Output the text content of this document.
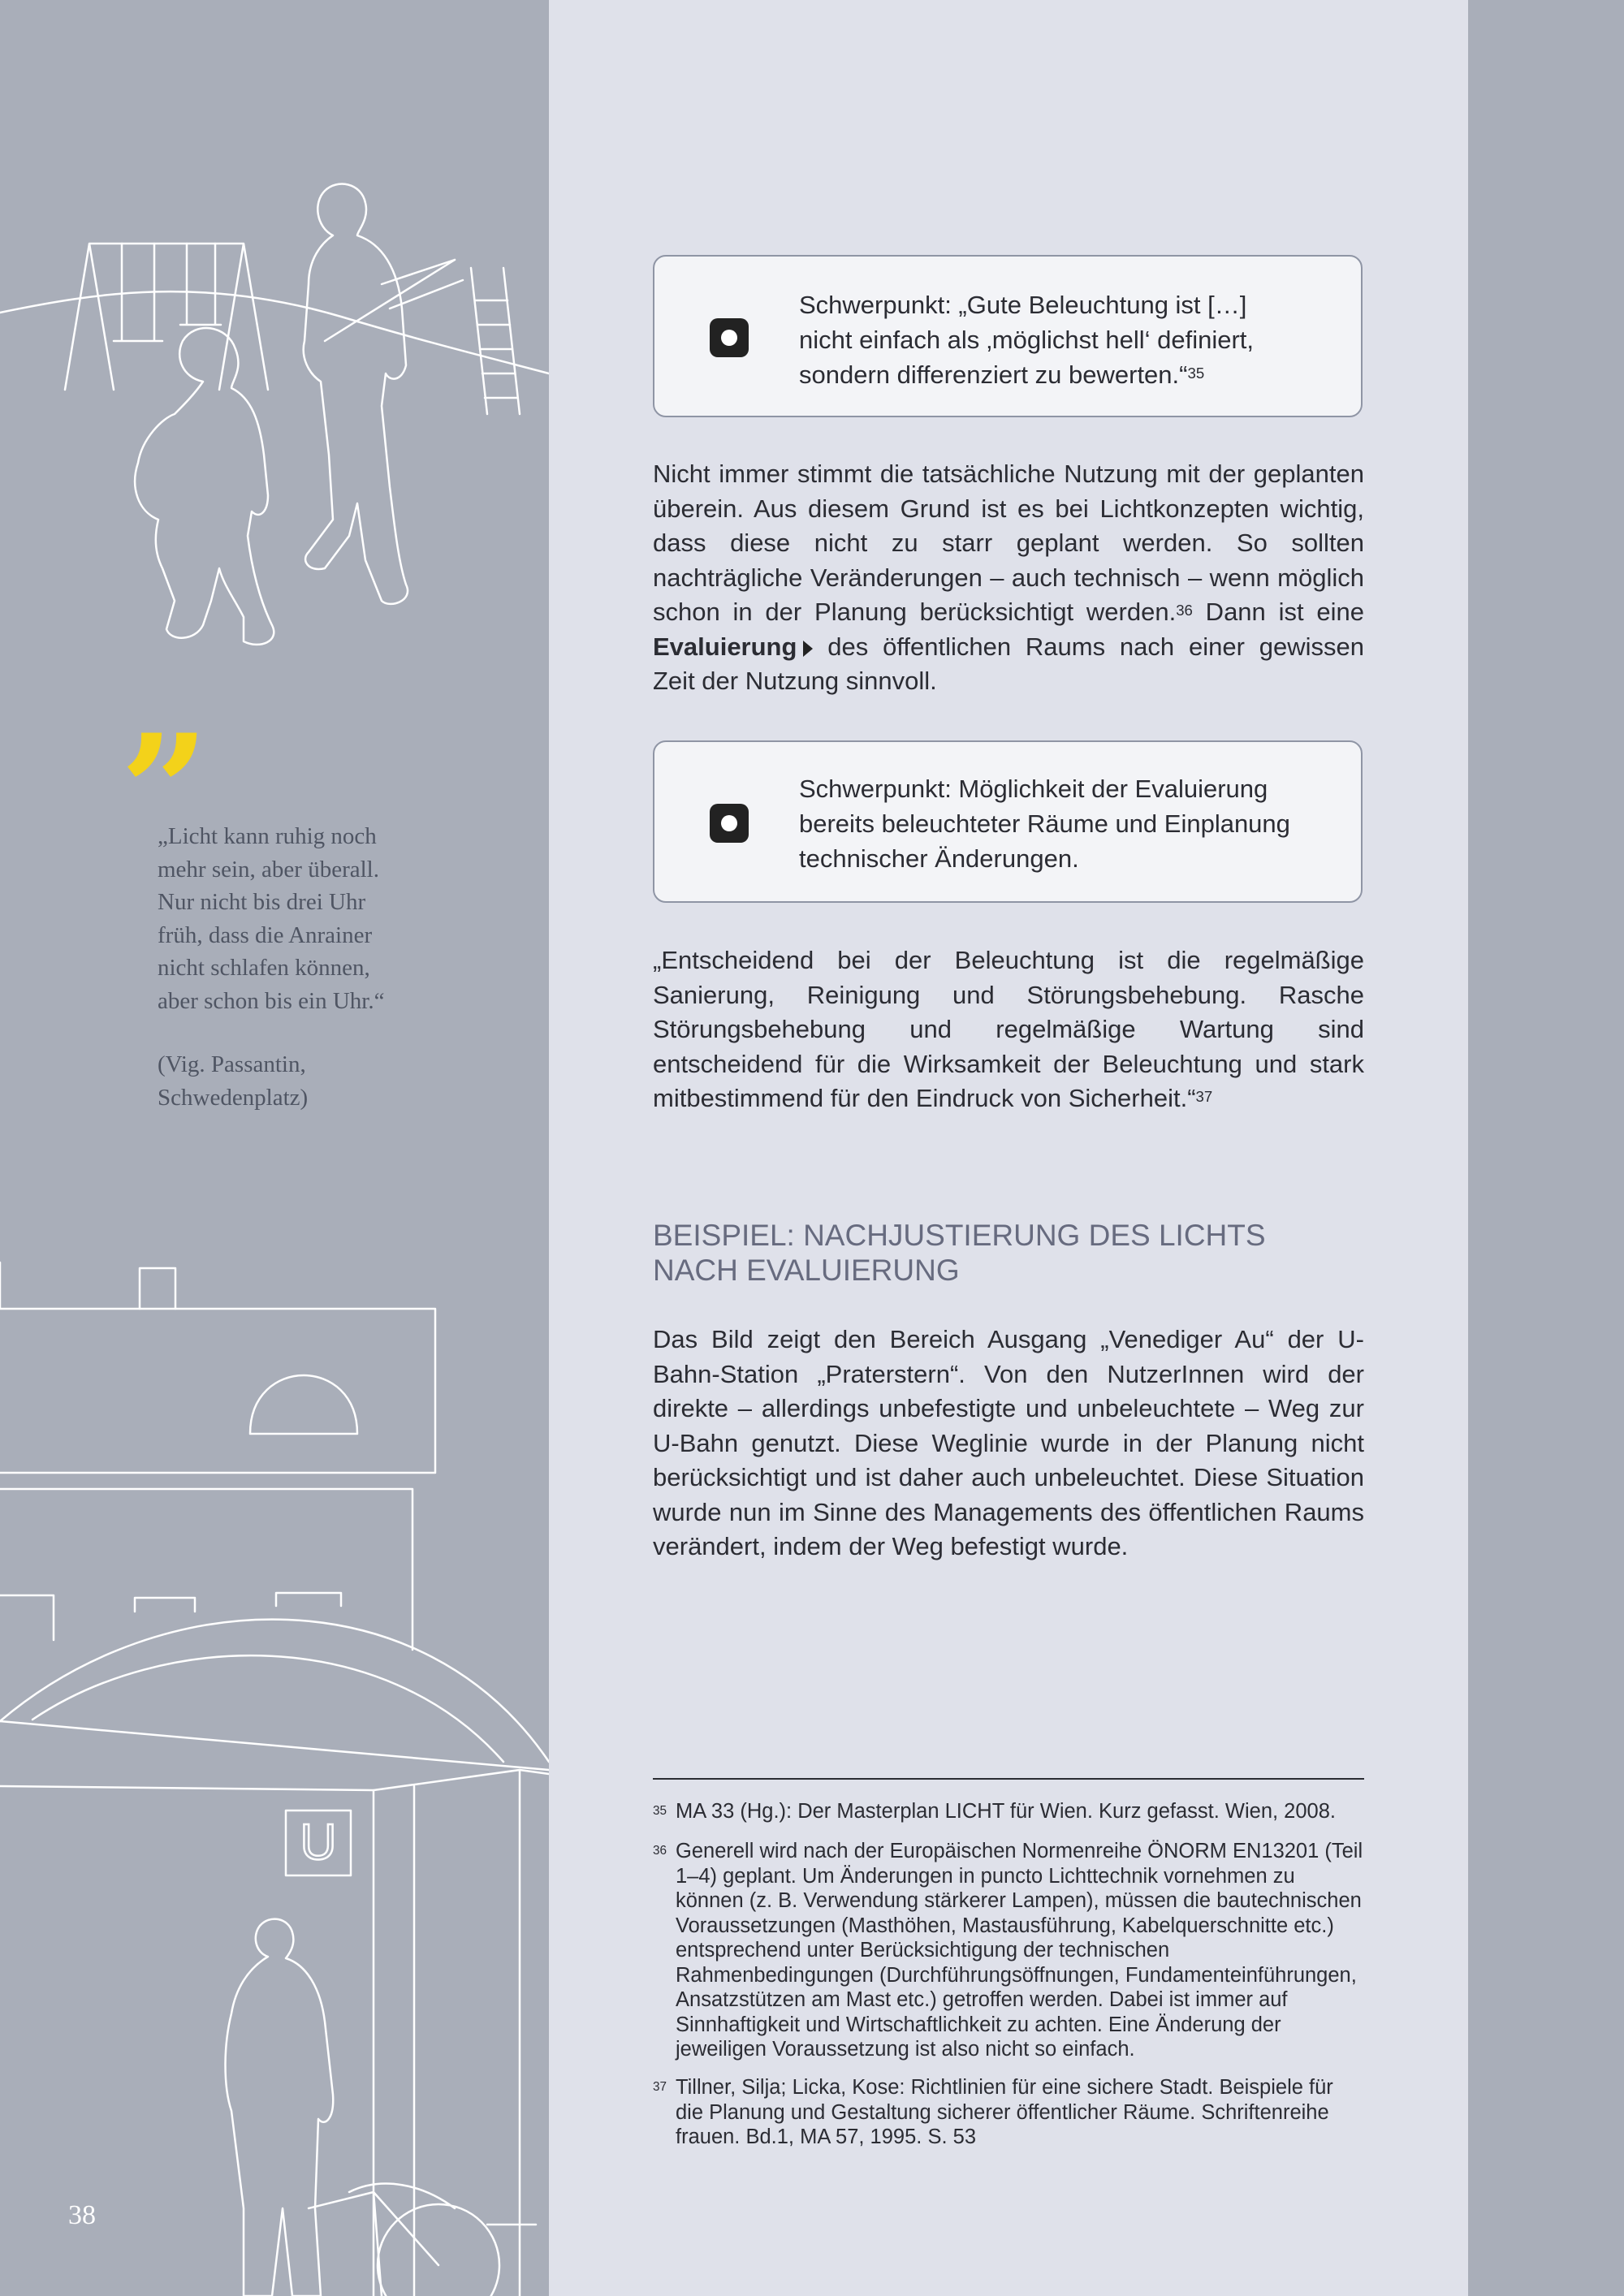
U
”
„Licht kann ruhig noch
mehr sein, aber überall.
Nur nicht bis drei Uhr
früh, dass die Anrainer
nicht schlafen können,
aber schon bis ein Uhr.“
(Vig. Passantin,
Schwedenplatz)
38
Schwerpunkt: „Gute Beleuchtung ist […] nicht einfach als ‚möglichst hell‘ definiert, sondern differenziert zu bewerten.“$^{35}$
Nicht immer stimmt die tatsächliche Nutzung mit der geplanten überein. Aus diesem Grund ist es bei Lichtkonzepten wichtig, dass diese nicht zu starr geplant werden. So sollten nachträgliche Veränderungen – auch technisch – wenn möglich schon in der Planung berücksichtigt werden.$^{36}$ Dann ist eine Evaluierung des öffentlichen Raums nach einer gewissen Zeit der Nutzung sinnvoll.
Schwerpunkt: Möglichkeit der Evaluierung bereits beleuchteter Räume und Einplanung technischer Änderungen.
„Entscheidend bei der Beleuchtung ist die regelmäßige Sanierung, Reinigung und Störungsbehebung. Rasche Störungsbehebung und regelmäßige Wartung sind entscheidend für die Wirksamkeit der Beleuchtung und stark mitbestimmend für den Eindruck von Sicherheit.“$^{37}$
BEISPIEL: NACHJUSTIERUNG DES LICHTS
NACH EVALUIERUNG
Das Bild zeigt den Bereich Ausgang „Venediger Au“ der U-Bahn-Station „Praterstern“. Von den NutzerInnen wird der direkte – allerdings unbefestigte und unbeleuchtete – Weg zur U-Bahn genutzt. Diese Weglinie wurde in der Planung nicht berücksichtigt und ist daher auch unbeleuchtet. Diese Situation wurde nun im Sinne des Managements des öffentlichen Raums verändert, indem der Weg befestigt wurde.
35 MA 33 (Hg.): Der Masterplan LICHT für Wien. Kurz gefasst. Wien, 2008.
36 Generell wird nach der Europäischen Normenreihe ÖNORM EN13201 (Teil 1–4) geplant. Um Änderungen in puncto Lichttechnik vornehmen zu können (z. B. Verwendung stärkerer Lampen), müssen die bautechnischen Voraussetzungen (Masthöhen, Mastausführung, Kabelquerschnitte etc.) entsprechend unter Berücksichtigung der technischen Rahmenbedingungen (Durchführungsöffnungen, Fundamenteinführungen, Ansatzstützen am Mast etc.) getroffen werden. Dabei ist immer auf Sinnhaftigkeit und Wirtschaftlichkeit zu achten. Eine Änderung der jeweiligen Voraussetzung ist also nicht so einfach.
37 Tillner, Silja; Licka, Kose: Richtlinien für eine sichere Stadt. Beispiele für die Planung und Gestaltung sicherer öffentlicher Räume. Schriftenreihe frauen. Bd.1, MA 57, 1995. S. 53
